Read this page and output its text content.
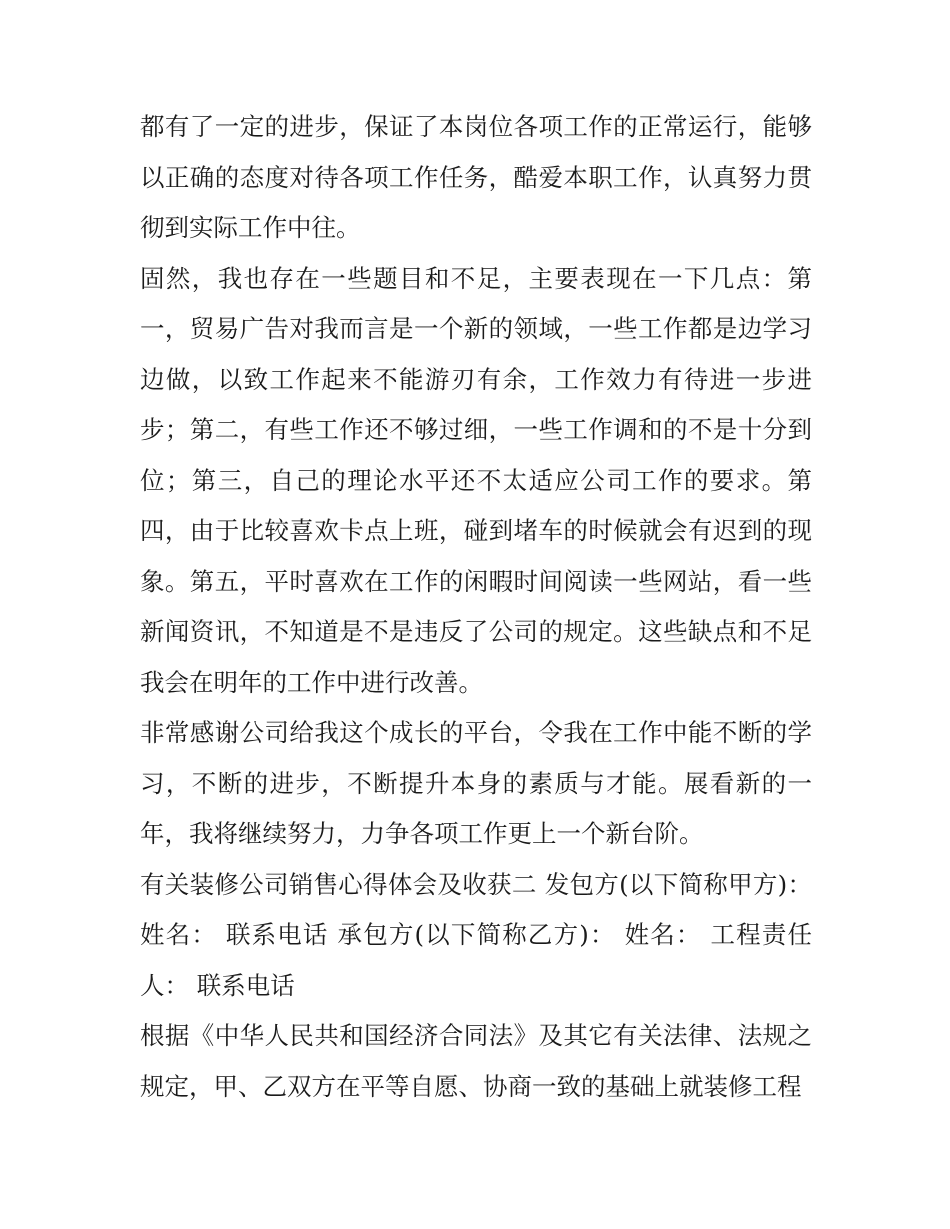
都有了一定的进步，保证了本岗位各项工作的正常运行，能够以正确的态度对待各项工作任务，酷爱本职工作，认真努力贯彻到实际工作中往。

固然，我也存在一些题目和不足，主要表现在一下几点：第一，贸易广告对我而言是一个新的领域，一些工作都是边学习边做，以致工作起来不能游刃有余，工作效力有待进一步进步；第二，有些工作还不够过细，一些工作调和的不是十分到位；第三，自己的理论水平还不太适应公司工作的要求。第四，由于比较喜欢卡点上班，碰到堵车的时候就会有迟到的现象。第五，平时喜欢在工作的闲暇时间阅读一些网站，看一些新闻资讯，不知道是不是违反了公司的规定。这些缺点和不足我会在明年的工作中进行改善。

非常感谢公司给我这个成长的平台，令我在工作中能不断的学习，不断的进步，不断提升本身的素质与才能。展看新的一年，我将继续努力，力争各项工作更上一个新台阶。

有关装修公司销售心得体会及收获二 发包方(以下简称甲方)： 姓名： 联系电话 承包方(以下简称乙方)： 姓名： 工程责任人： 联系电话

根据《中华人民共和国经济合同法》及其它有关法律、法规之规定，甲、乙双方在平等自愿、协商一致的基础上就装修工程
